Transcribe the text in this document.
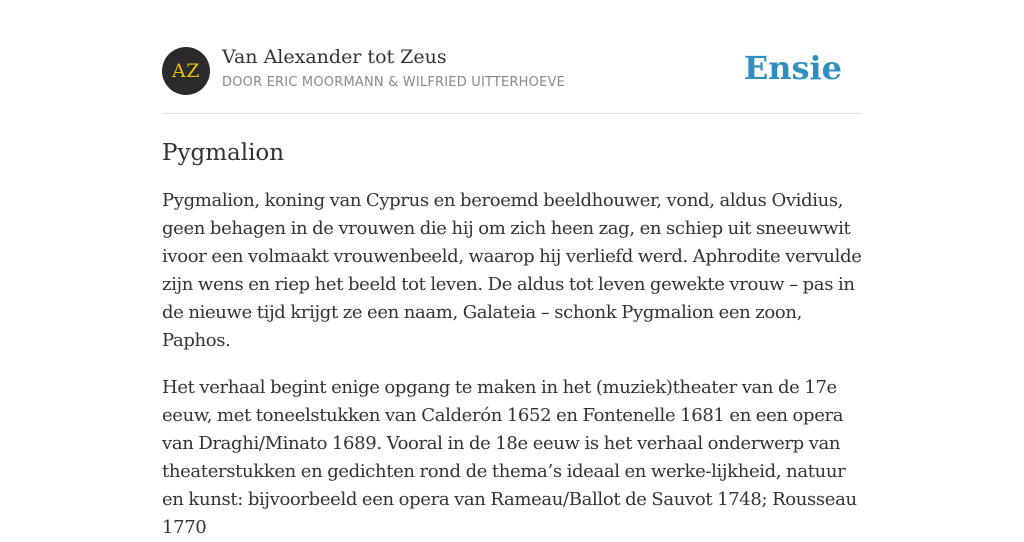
AZ
Van Alexander tot Zeus
DOOR ERIC MOORMANN & WILFRIED UITTERHOEVE	Ensie
Pygmalion

Pygmalion, koning van Cyprus en beroemd beeldhouwer, vond, aldus Ovidius, geen behagen in de vrouwen die hij om zich heen zag, en schiep uit sneeuwwit ivoor een volmaakt vrouwenbeeld, waarop hij verliefd werd. Aphrodite vervulde zijn wens en riep het beeld tot leven. De aldus tot leven gewekte vrouw – pas in de nieuwe tijd krijgt ze een naam, Galateia – schonk Pygmalion een zoon, Paphos.

Het verhaal begint enige opgang te maken in het (muziek)theater van de 17e eeuw, met toneelstukken van Calderón 1652 en Fontenelle 1681 en een opera van Draghi/Minato 1689. Vooral in de 18e eeuw is het verhaal onderwerp van theaterstukken en gedichten rond de thema’s ideaal en werke-lijkheid, natuur en kunst: bijvoorbeeld een opera van Rameau/Ballot de Sauvot 1748; Rousseau 1770
